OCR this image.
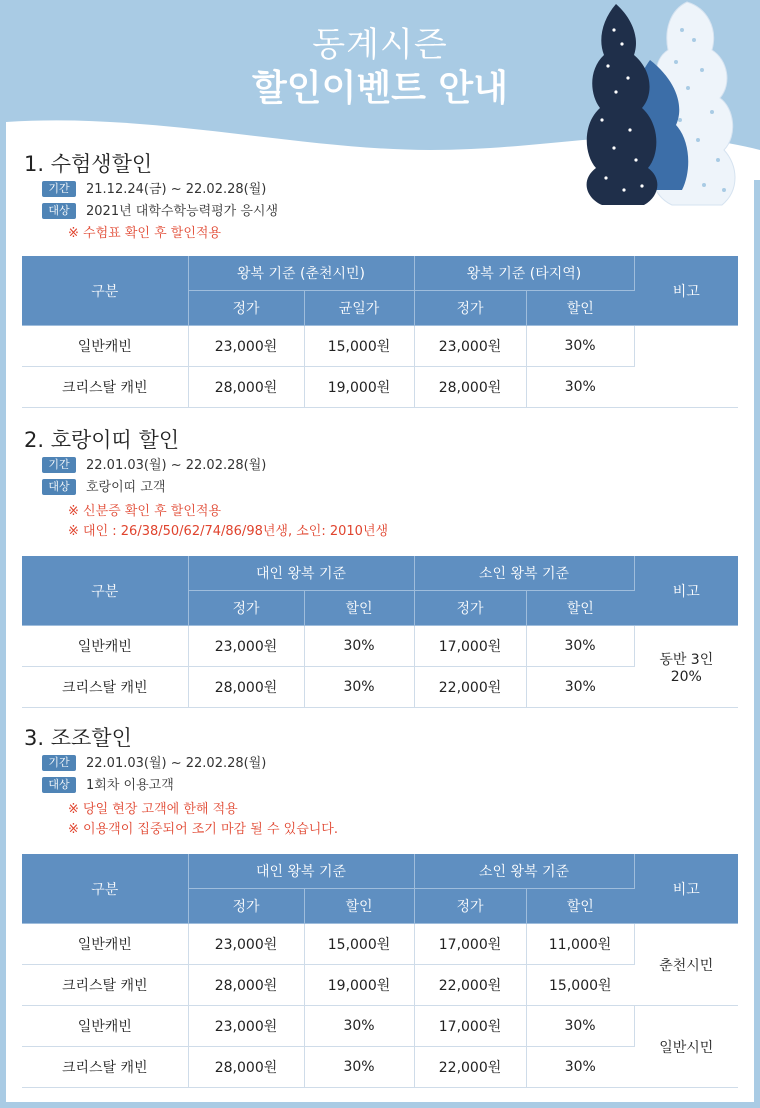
동계시즌
할인이벤트 안내
1. 수험생할인
기간	21.12.24(금) ~ 22.02.28(월)
대상	2021년 대학수학능력평가 응시생
※ 수험표 확인 후 할인적용
구분	왕복 기준 (춘천시민)		왕복 기준 (타지역)		비고
	정가	균일가	정가	할인	
일반캐빈	23,000원	15,000원	23,000원	30%	
크리스탈 캐빈	28,000원	19,000원	28,000원	30%	
2. 호랑이띠 할인
기간	22.01.03(월) ~ 22.02.28(월)
대상	호랑이띠 고객
※ 신분증 확인 후 할인적용
※ 대인 : 26/38/50/62/74/86/98년생, 소인: 2010년생
구분	대인 왕복 기준		소인 왕복 기준		비고
	정가	할인	정가	할인	
일반캐빈	23,000원	30%	17,000원	30%	동반 3인
20%

크리스탈 캐빈	28,000원	30%	22,000원	30%	
3. 조조할인
기간	22.01.03(월) ~ 22.02.28(월)
대상	1회차 이용고객
※ 당일 현장 고객에 한해 적용
※ 이용객이 집중되어 조기 마감 될 수 있습니다.
구분	대인 왕복 기준		소인 왕복 기준		비고
	정가	할인	정가	할인	
일반캐빈	23,000원	15,000원	17,000원	11,000원	춘천시민
크리스탈 캐빈	28,000원	19,000원	22,000원	15,000원	
일반캐빈	23,000원	30%	17,000원	30%	일반시민
크리스탈 캐빈	28,000원	30%	22,000원	30%	
